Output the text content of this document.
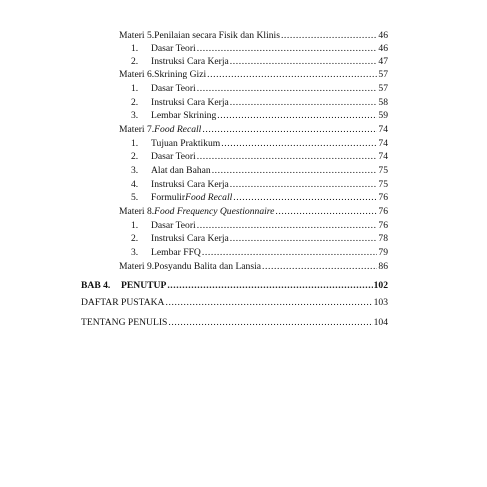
Materi 5. Penilaian secara Fisik dan Klinis .....	46
1.	Dasar Teori .....	46
2.	Instruksi Cara Kerja .....	47
Materi 6. Skrining Gizi .....	57
1.	Dasar Teori .....	57
2.	Instruksi Cara Kerja .....	58
3.	Lembar Skrining .....	59
Materi 7. Food Recall .....	74
1.	Tujuan Praktikum .....	74
2.	Dasar Teori .....	74
3.	Alat dan Bahan .....	75
4.	Instruksi Cara Kerja .....	75
5.	Formulir Food Recall .....	76
Materi 8. Food Frequency Questionnaire .....	76
1.	Dasar Teori .....	76
2.	Instruksi Cara Kerja .....	78
3.	Lembar FFQ .....	79
Materi 9. Posyandu Balita dan Lansia .....	86
BAB 4.	PENUTUP .....	102
DAFTAR PUSTAKA .....	103
TENTANG PENULIS .....	104
